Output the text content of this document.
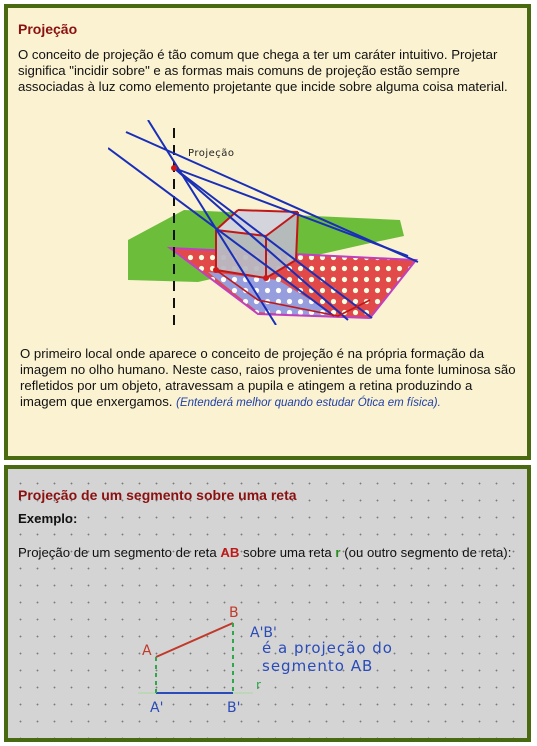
Projeção
O conceito de projeção é tão comum que chega a ter um caráter intuitivo. Projetar significa "incidir sobre" e as formas mais comuns de projeção estão sempre associadas à luz como elemento projetante que incide sobre alguma coisa material.
Projeção
O primeiro local onde aparece o conceito de projeção é na própria formação da imagem no olho humano. Neste caso, raios provenientes de uma fonte luminosa são refletidos por um objeto, atravessam a pupila e atingem a retina produzindo a imagem que enxergamos. (Entenderá melhor quando estudar Ótica em física).
Projeção de um segmento sobre uma reta
Exemplo:
Projeção de um segmento de reta AB sobre uma reta r (ou outro segmento de reta):
A
B
A'	B'
r
A'B'
é a projeção do
segmento AB
